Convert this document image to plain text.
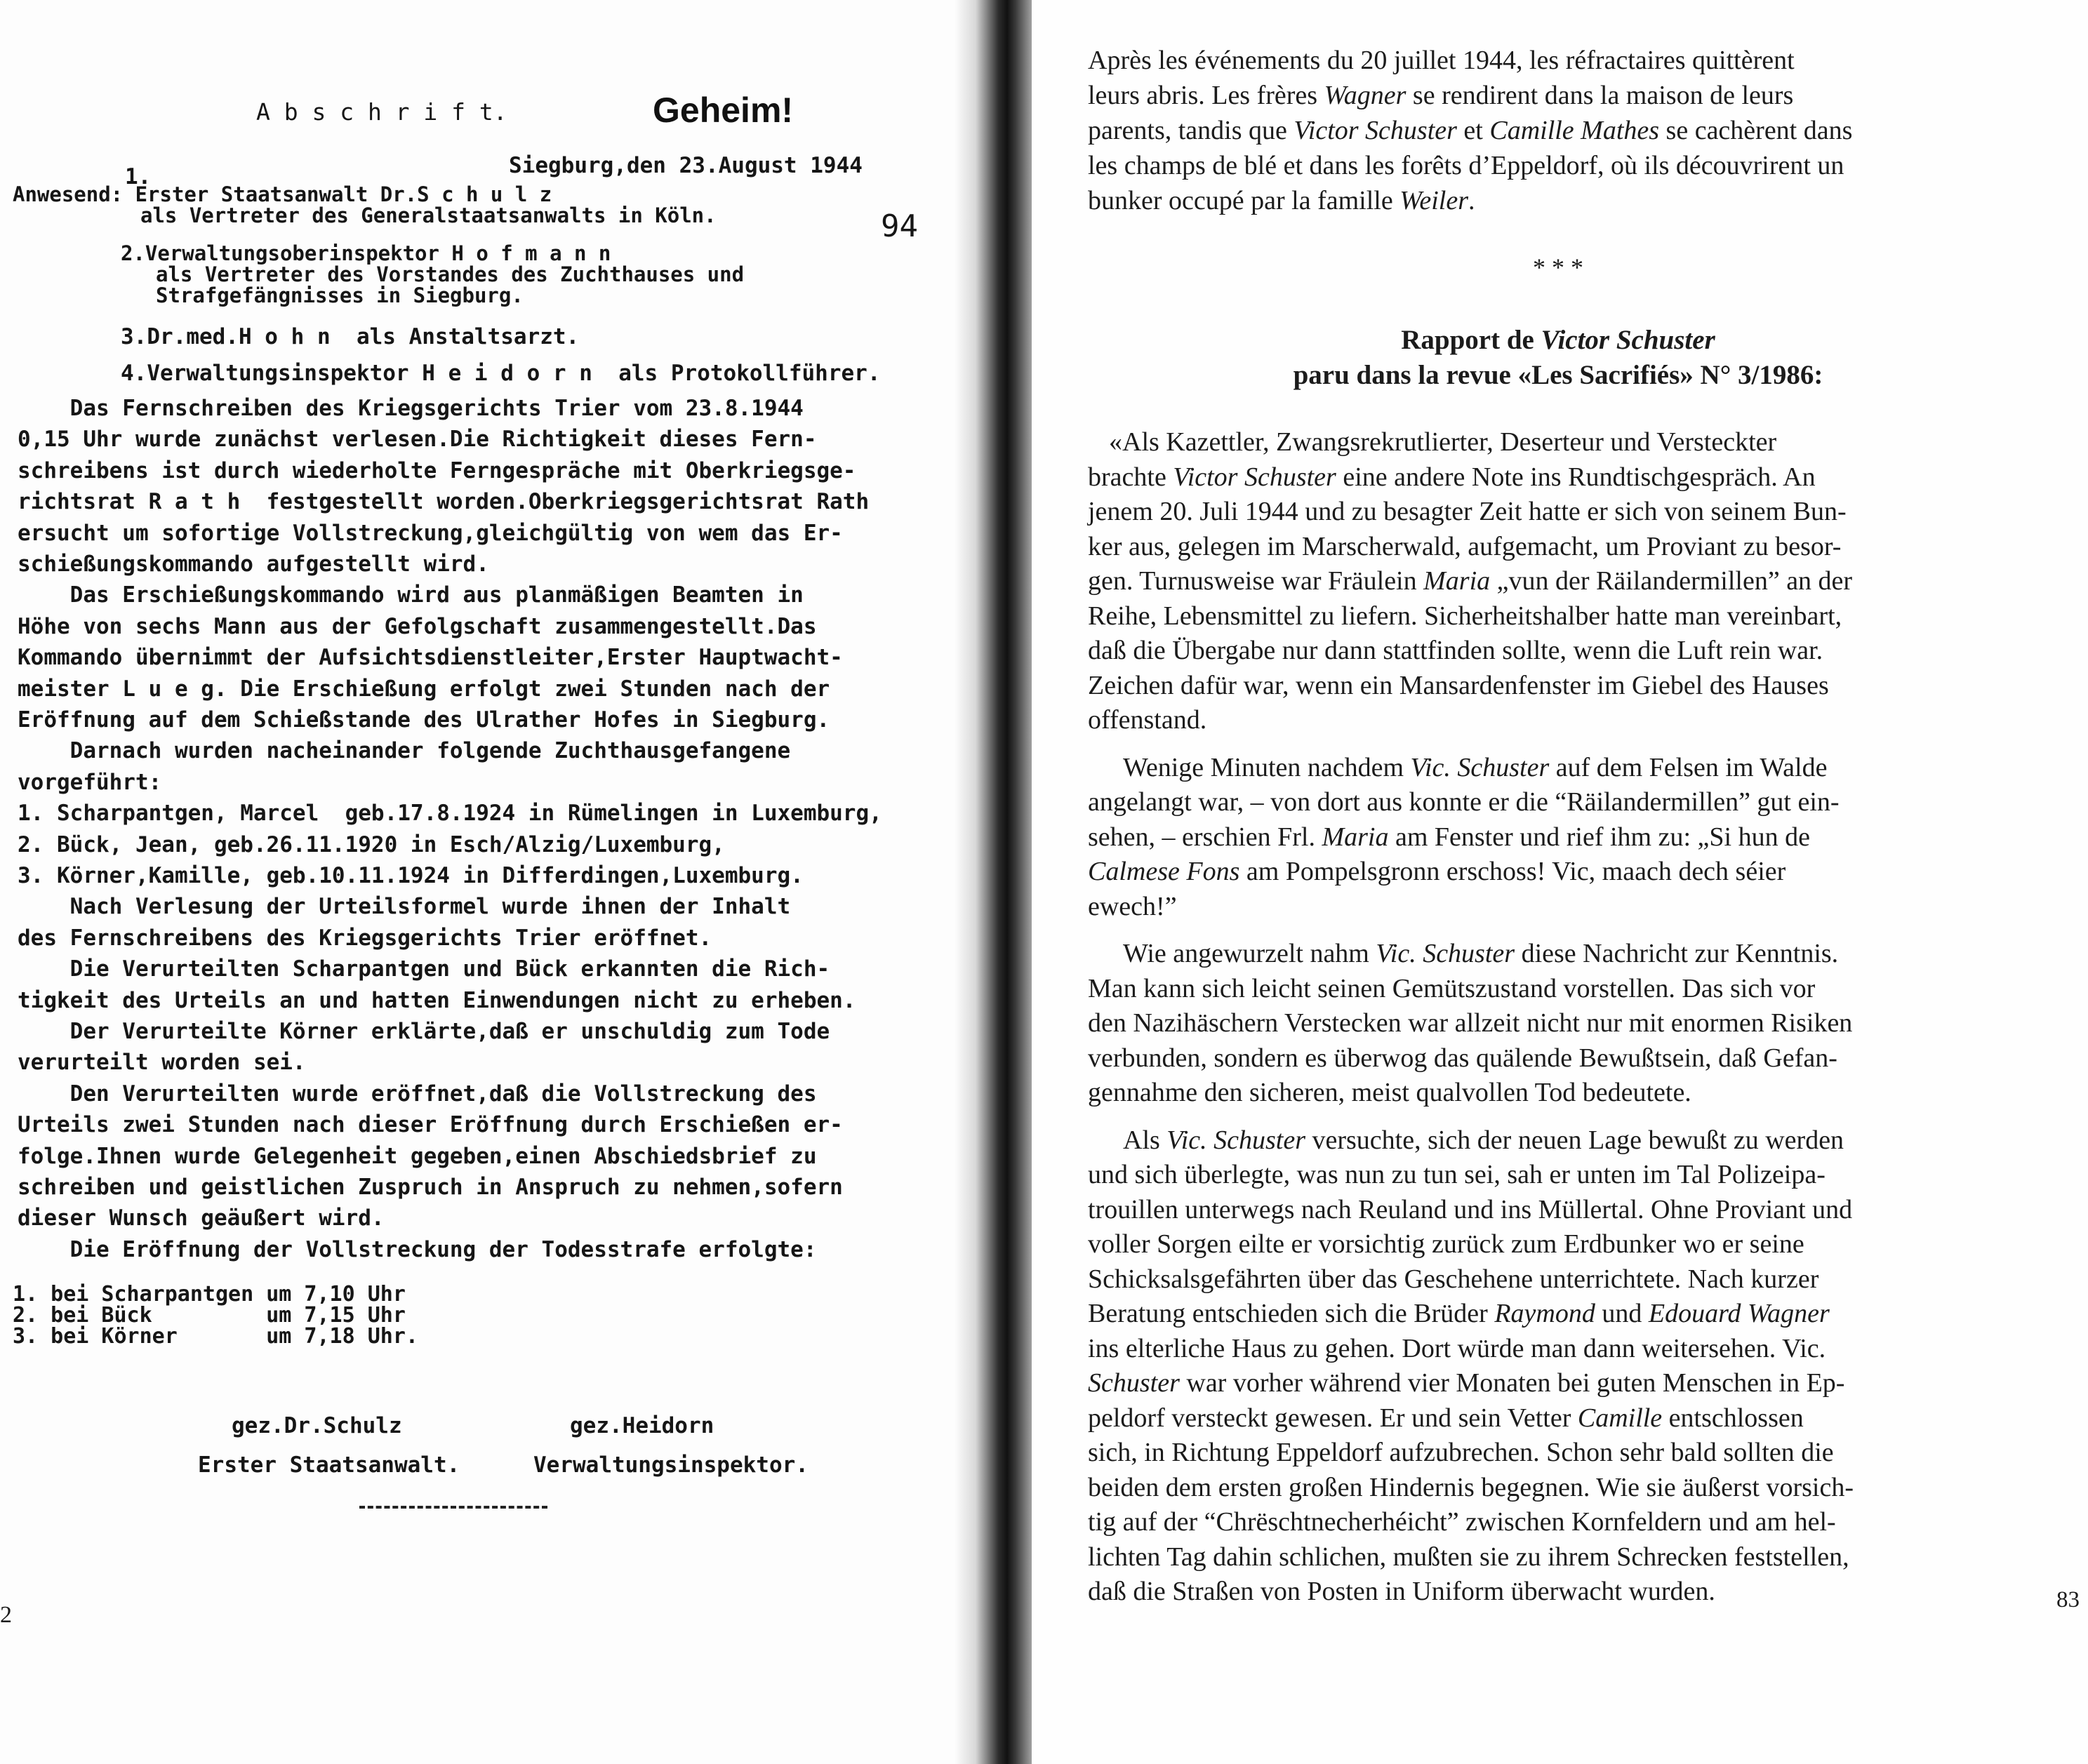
A b s c h r i f t.	Geheim!
Siegburg,den 23.August 1944
1.
Anwesend: Erster Staatsanwalt Dr.S c h u l z
als Vertreter des Generalstaatsanwalts in Köln.	94
2.Verwaltungsoberinspektor H o f m a n n
als Vertreter des Vorstandes des Zuchthauses und
Strafgefängnisses in Siegburg.
3.Dr.med.H o h n  als Anstaltsarzt.
4.Verwaltungsinspektor H e i d o r n  als Protokollführer.
Das Fernschreiben des Kriegsgerichts Trier vom 23.8.1944
0,15 Uhr wurde zunächst verlesen.Die Richtigkeit dieses Fern-
schreibens ist durch wiederholte Ferngespräche mit Oberkriegsge-
richtsrat R a t h  festgestellt worden.Oberkriegsgerichtsrat Rath
ersucht um sofortige Vollstreckung,gleichgültig von wem das Er-
schießungskommando aufgestellt wird.
Das Erschießungskommando wird aus planmäßigen Beamten in
Höhe von sechs Mann aus der Gefolgschaft zusammengestellt.Das
Kommando übernimmt der Aufsichtsdienstleiter,Erster Hauptwacht-
meister L u e g. Die Erschießung erfolgt zwei Stunden nach der
Eröffnung auf dem Schießstande des Ulrather Hofes in Siegburg.
Darnach wurden nacheinander folgende Zuchthausgefangene
vorgeführt:
1. Scharpantgen, Marcel  geb.17.8.1924 in Rümelingen in Luxemburg,
2. Bück, Jean, geb.26.11.1920 in Esch/Alzig/Luxemburg,
3. Körner,Kamille, geb.10.11.1924 in Differdingen,Luxemburg.
Nach Verlesung der Urteilsformel wurde ihnen der Inhalt
des Fernschreibens des Kriegsgerichts Trier eröffnet.
Die Verurteilten Scharpantgen und Bück erkannten die Rich-
tigkeit des Urteils an und hatten Einwendungen nicht zu erheben.
Der Verurteilte Körner erklärte,daß er unschuldig zum Tode
verurteilt worden sei.
Den Verurteilten wurde eröffnet,daß die Vollstreckung des
Urteils zwei Stunden nach dieser Eröffnung durch Erschießen er-
folge.Ihnen wurde Gelegenheit gegeben,einen Abschiedsbrief zu
schreiben und geistlichen Zuspruch in Anspruch zu nehmen,sofern
dieser Wunsch geäußert wird.
Die Eröffnung der Vollstreckung der Todesstrafe erfolgte:
1. bei Scharpantgen um 7,10 Uhr
2. bei Bück         um 7,15 Uhr
3. bei Körner       um 7,18 Uhr.
gez.Dr.Schulz	gez.Heidorn
Erster Staatsanwalt.	Verwaltungsinspektor.
2
Après les événements du 20 juillet 1944, les réfractaires quittèrent
leurs abris. Les frères Wagner se rendirent dans la maison de leurs
parents, tandis que Victor Schuster et Camille Mathes se cachèrent dans
les champs de blé et dans les forêts d’Eppeldorf, où ils découvrirent un
bunker occupé par la famille Weiler.
* * *
Rapport de Victor Schuster
paru dans la revue «Les Sacrifiés» N° 3/1986:
«Als Kazettler, Zwangsrekrutlierter, Deserteur und Versteckter
brachte Victor Schuster eine andere Note ins Rundtischgespräch. An
jenem 20. Juli 1944 und zu besagter Zeit hatte er sich von seinem Bun-
ker aus, gelegen im Marscherwald, aufgemacht, um Proviant zu besor-
gen. Turnusweise war Fräulein Maria „vun der Räilandermillen” an der
Reihe, Lebensmittel zu liefern. Sicherheitshalber hatte man vereinbart,
daß die Übergabe nur dann stattfinden sollte, wenn die Luft rein war.
Zeichen dafür war, wenn ein Mansardenfenster im Giebel des Hauses
offenstand.
Wenige Minuten nachdem Vic. Schuster auf dem Felsen im Walde
angelangt war, – von dort aus konnte er die “Räilandermillen” gut ein-
sehen, – erschien Frl. Maria am Fenster und rief ihm zu: „Si hun de
Calmese Fons am Pompelsgronn erschoss! Vic, maach dech séier
ewech!”
Wie angewurzelt nahm Vic. Schuster diese Nachricht zur Kenntnis.
Man kann sich leicht seinen Gemütszustand vorstellen. Das sich vor
den Nazihäschern Verstecken war allzeit nicht nur mit enormen Risiken
verbunden, sondern es überwog das quälende Bewußtsein, daß Gefan-
gennahme den sicheren, meist qualvollen Tod bedeutete.
Als Vic. Schuster versuchte, sich der neuen Lage bewußt zu werden
und sich überlegte, was nun zu tun sei, sah er unten im Tal Polizeipa-
trouillen unterwegs nach Reuland und ins Müllertal. Ohne Proviant und
voller Sorgen eilte er vorsichtig zurück zum Erdbunker wo er seine
Schicksalsgefährten über das Geschehene unterrichtete. Nach kurzer
Beratung entschieden sich die Brüder Raymond und Edouard Wagner
ins elterliche Haus zu gehen. Dort würde man dann weitersehen. Vic.
Schuster war vorher während vier Monaten bei guten Menschen in Ep-
peldorf versteckt gewesen. Er und sein Vetter Camille entschlossen
sich, in Richtung Eppeldorf aufzubrechen. Schon sehr bald sollten die
beiden dem ersten großen Hindernis begegnen. Wie sie äußerst vorsich-
tig auf der “Chrëschtnecherhéicht” zwischen Kornfeldern und am hel-
lichten Tag dahin schlichen, mußten sie zu ihrem Schrecken feststellen,
daß die Straßen von Posten in Uniform überwacht wurden.	83
